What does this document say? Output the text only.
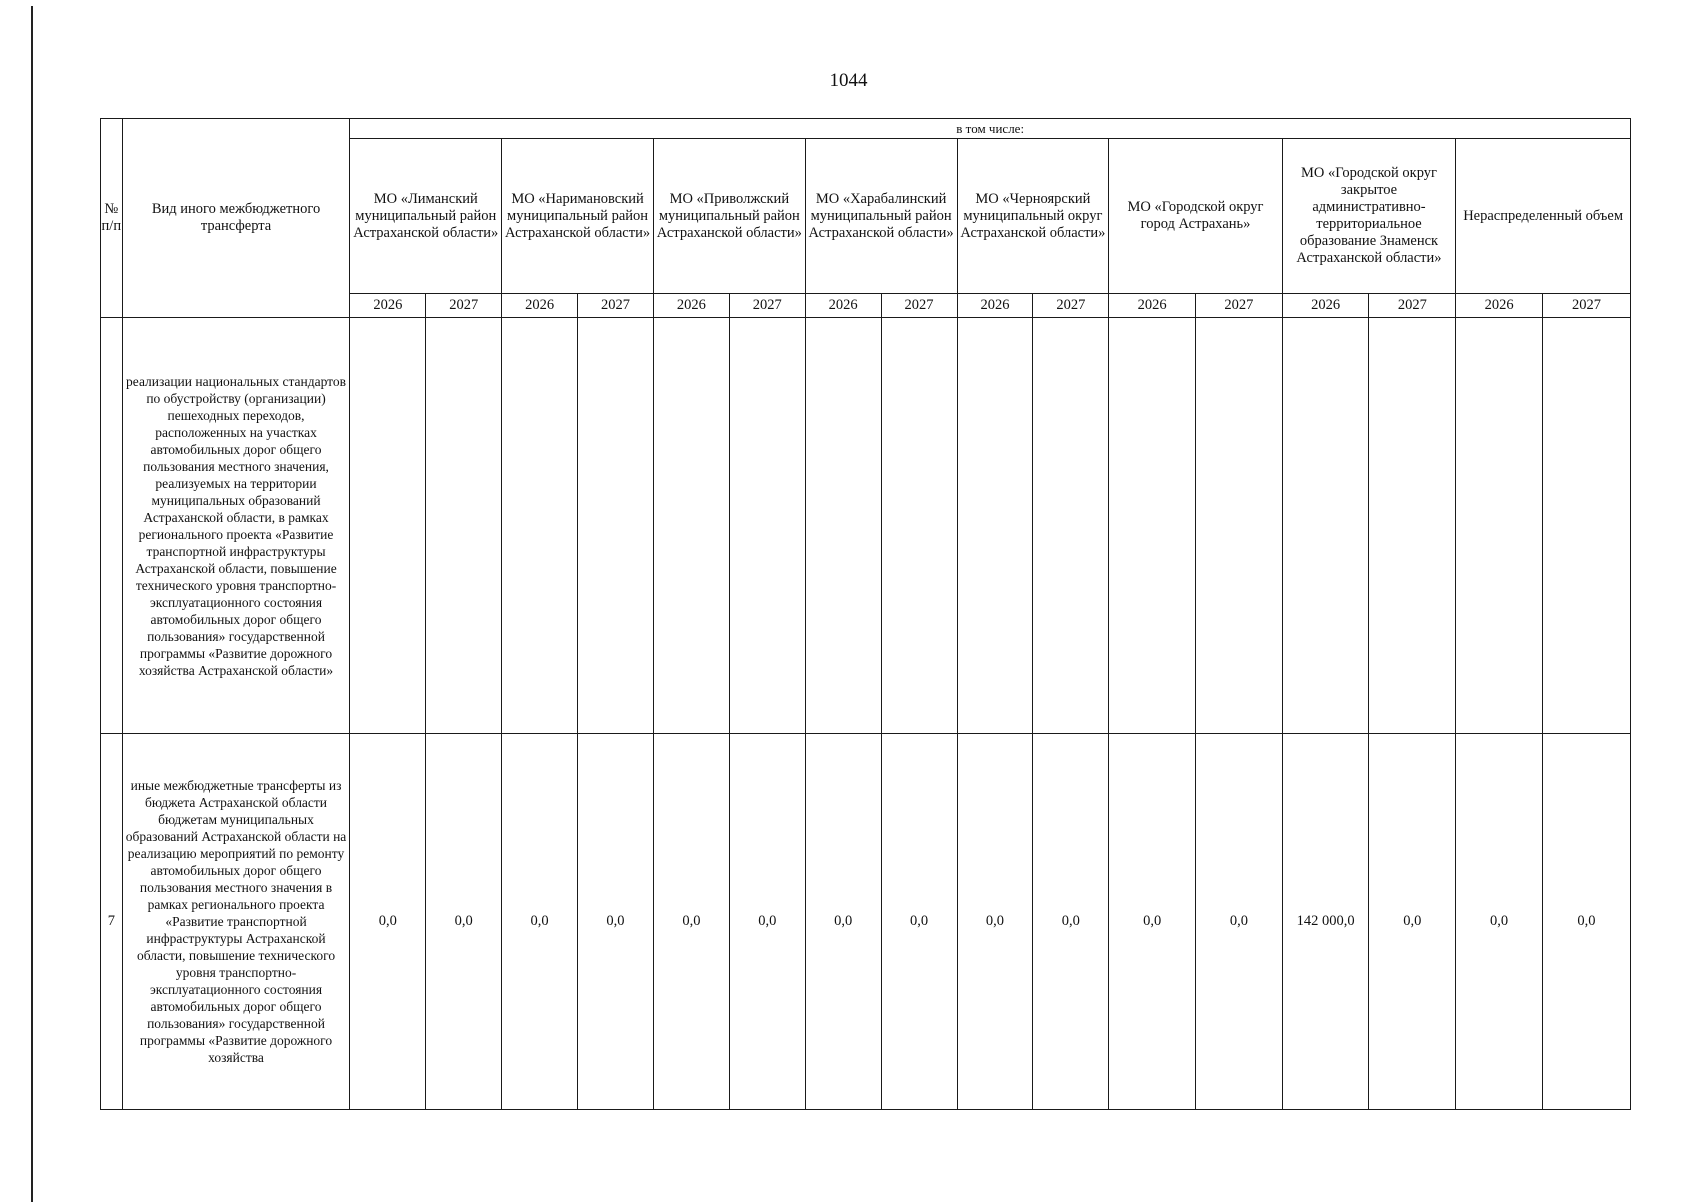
1044
№ п/п	Вид иного межбюджетного трансферта	в том числе:															
		МО «Лиманский муниципальный район Астраханской области»		МО «Наримановский муниципальный район Астраханской области»		МО «Приволжский муниципальный район Астраханской области»		МО «Харабалинский муниципальный район Астраханской области»		МО «Черноярский муниципальный округ Астраханской области»		МО «Городской округ город Астрахань»		МО «Городской округ закрытое административно-территориальное образование Знаменск Астраханской области»		Нераспределенный объем	
		2026	2027	2026	2027	2026	2027	2026	2027	2026	2027	2026	2027	2026	2027	2026	2027
	реализации национальных стандартов по обустройству (организации) пешеходных переходов, расположенных на участках автомобильных дорог общего пользования местного значения, реализуемых на территории муниципальных образований Астраханской области, в рамках регионального проекта «Развитие транспортной инфраструктуры Астраханской области, повышение технического уровня транспортно-эксплуатационного состояния автомобильных дорог общего пользования» государственной программы «Развитие дорожного хозяйства Астраханской области»																
7	иные межбюджетные трансферты из бюджета Астраханской области бюджетам муниципальных образований Астраханской области на реализацию мероприятий по ремонту автомобильных дорог общего пользования местного значения в рамках регионального проекта «Развитие транспортной инфраструктуры Астраханской области, повышение технического уровня транспортно-эксплуатационного состояния автомобильных дорог общего пользования» государственной программы «Развитие дорожного хозяйства	0,0	0,0	0,0	0,0	0,0	0,0	0,0	0,0	0,0	0,0	0,0	0,0	142 000,0	0,0	0,0	0,0
